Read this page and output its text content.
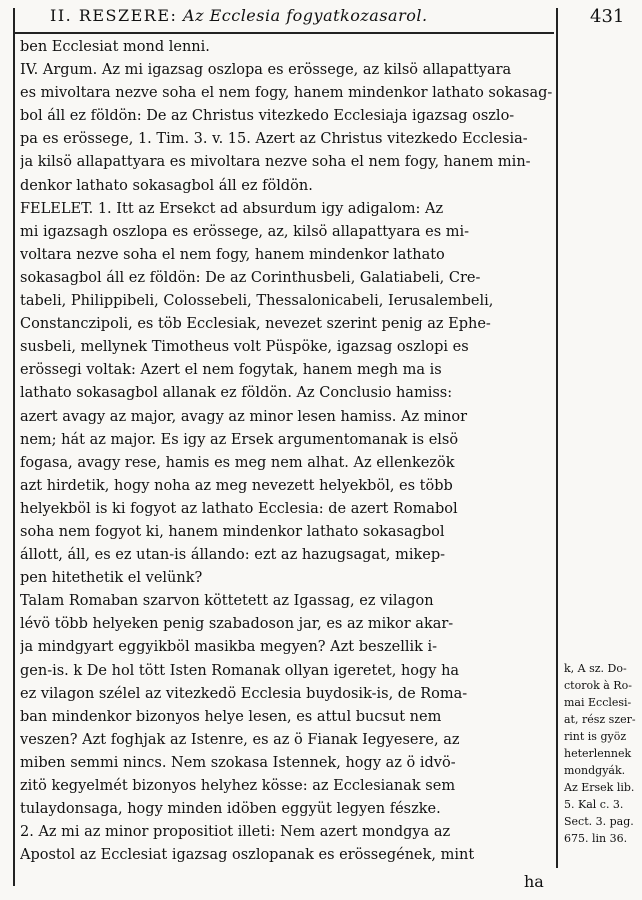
II. RESZERE: Az Ecclesia fogyatkozasarol.	431
ben Ecclesiat mond lenni.
IV. Argum. Az mi igazsag oszlopa es erössege, az kilsö allapattyara
es mivoltara nezve soha el nem fogy, hanem mindenkor lathato sokasag-
bol áll ez földön: De az Christus vitezkedo Ecclesiaja igazsag oszlo-
pa es erössege, 1. Tim. 3. v. 15. Azert az Christus vitezkedo Ecclesia-
ja kilsö allapattyara es mivoltara nezve soha el nem fogy, hanem min-
denkor lathato sokasagbol áll ez földön.
FELELET. 1. Itt az Ersekct ad absurdum igy adigalom: Az
mi igazsagh oszlopa es erössege, az, kilsö allapattyara es mi-
voltara nezve soha el nem fogy, hanem mindenkor lathato
sokasagbol áll ez földön: De az Corinthusbeli, Galatiabeli, Cre-
tabeli, Philippibeli, Colossebeli, Thessalonicabeli, Ierusalembeli,
Constanczipoli, es töb Ecclesiak, nevezet szerint penig az Ephe-
susbeli, mellynek Timotheus volt Püspöke, igazsag oszlopi es
erössegi voltak: Azert el nem fogytak, hanem megh ma is
lathato sokasagbol allanak ez földön. Az Conclusio hamiss:
azert avagy az major, avagy az minor lesen hamiss. Az minor
nem; hát az major. Es igy az Ersek argumentomanak is elsö
fogasa, avagy rese, hamis es meg nem alhat. Az ellenkezök
azt hirdetik, hogy noha az meg nevezett helyekböl, es több
helyekböl is ki fogyot az lathato Ecclesia: de azert Romabol
soha nem fogyot ki, hanem mindenkor lathato sokasagbol
állott, áll, es ez utan-is állando: ezt az hazugsagat, mikep-
pen hitethetik el velünk?
Talam Romaban szarvon köttetett az Igassag, ez vilagon
lévö több helyeken penig szabadoson jar, es az mikor akar-
ja mindgyart eggyikböl masikba megyen? Azt beszellik i-
gen-is. k De hol tött Isten Romanak ollyan igeretet, hogy ha
ez vilagon szélel az vitezkedö Ecclesia buydosik-is, de Roma-
ban mindenkor bizonyos helye lesen, es attul bucsut nem
veszen? Azt foghjak az Istenre, es az ö Fianak Iegyesere, az
miben semmi nincs. Nem szokasa Istennek, hogy az ö idvö-
zitö kegyelmét bizonyos helyhez kösse: az Ecclesianak sem
tulaydonsaga, hogy minden idöben eggyüt legyen fészke.
2. Az mi az minor propositiot illeti: Nem azert mondgya az
Apostol az Ecclesiat igazsag oszlopanak es erössegének, mint
k, A sz. Do-
ctorok à Ro-
mai Ecclesi-
at, rész szer-
rint is gyöz
heterlennek
mondgyák.
Az Ersek lib.
5. Kal c. 3.
Sect. 3. pag.
675. lin 36.
ha
